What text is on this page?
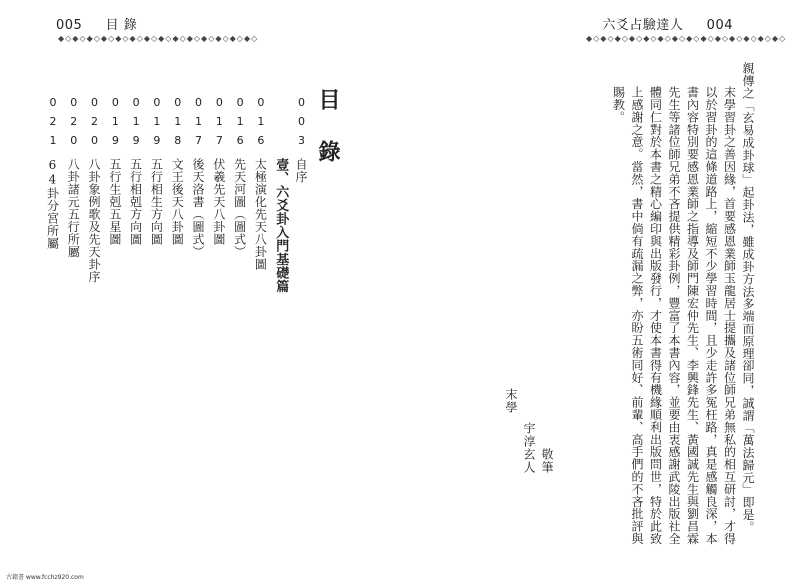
005 目 錄
◆◇◆◇◆◇◆◇◆◇◆◇◆◇◆◇◆◇◆◇◆◇◆◇◆◇◆◇
六爻占驗達人 004
◆◇◆◇◆◇◆◇◆◇◆◇◆◇◆◇◆◇◆◇◆◇◆◇◆◇◆◇

親傳之「玄易成卦球」起卦法，雖成卦方法多端而原理卻同，誠謂「萬法歸元」即是。

末學習卦之善因緣，首要感恩業師玉龍居士提攜及諸位師兄弟無私的相互研討，才得以於習卦的這條道路上，縮短不少學習時間，且少走許多冤枉路，真是感觸良深，本書內容特別要感恩業師之指導及師門陳宏仲先生、李興鋒先生、黃國誠先生與劉昌霖先生等諸位師兄弟不吝提供精彩卦例，豐富了本書內容，並要由衷感謝武陵出版社全體同仁對於本書之精心編印與出版發行，才使本書得有機緣順利出版問世，特於此致上感謝之意。當然，書中倘有疏漏之弊，亦盼五術同好、前輩、高手們的不吝批評與賜教。

敬筆
宇淳玄人
末學
目錄
003自序
壹、六爻卦入門基礎篇
016太極演化先天八卦圖
016先天河圖（圖式）
017伏羲先天八卦圖
017後天洛書（圖式）
018文王後天八卦圖
019五行相生方向圖
019五行相剋方向圖
019五行生剋五星圖
020八卦象例歌及先天卦序
020八卦諸元五行所屬
02164卦分宮所屬
古籍書 www.fcchz920.com
